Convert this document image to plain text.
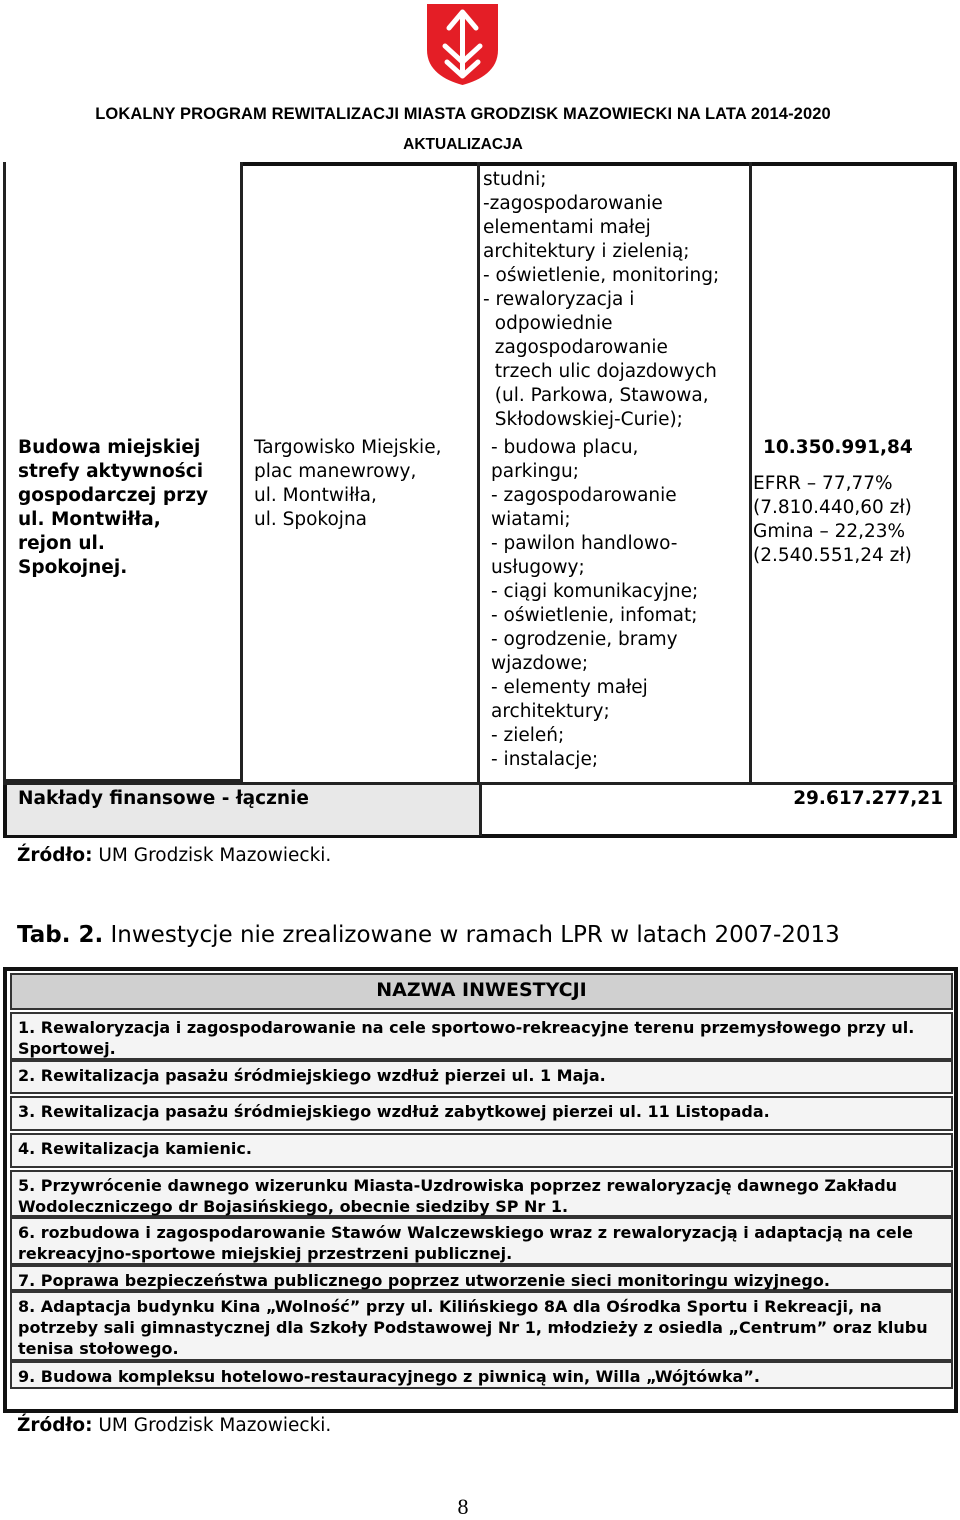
LOKALNY PROGRAM REWITALIZACJI MIASTA GRODZISK MAZOWIECKI NA LATA 2014-2020
AKTUALIZACJA
studni;
-zagospodarowanie
elementami małej
architektury i zielenią;
- oświetlenie, monitoring;
- rewaloryzacja i
odpowiednie
zagospodarowanie
trzech ulic dojazdowych
(ul. Parkowa, Stawowa,
Skłodowskiej-Curie);
Budowa miejskiej
strefy aktywności
gospodarczej przy
ul. Montwiłła,
rejon ul.
Spokojnej.
Targowisko Miejskie,
plac manewrowy,
ul. Montwiłła,
ul. Spokojna
- budowa placu,
parkingu;
- zagospodarowanie
wiatami;
- pawilon handlowo-
usługowy;
- ciągi komunikacyjne;
- oświetlenie, infomat;
- ogrodzenie, bramy
wjazdowe;
- elementy małej
architektury;
- zieleń;
- instalacje;
10.350.991,84
EFRR – 77,77%
(7.810.440,60 zł)
Gmina – 22,23%
(2.540.551,24 zł)
Nakłady finansowe - łącznie	29.617.277,21
Źródło: UM Grodzisk Mazowiecki.
Tab. 2. Inwestycje nie zrealizowane w ramach LPR w latach 2007-2013
NAZWA INWESTYCJI
1. Rewaloryzacja i zagospodarowanie na cele sportowo-rekreacyjne terenu przemysłowego przy ul. Sportowej.
2. Rewitalizacja pasażu śródmiejskiego wzdłuż pierzei ul. 1 Maja.
3. Rewitalizacja pasażu śródmiejskiego wzdłuż zabytkowej pierzei ul. 11 Listopada.
4. Rewitalizacja kamienic.
5. Przywrócenie dawnego wizerunku Miasta-Uzdrowiska poprzez rewaloryzację dawnego Zakładu Wodoleczniczego dr Bojasińskiego, obecnie siedziby SP Nr 1.
6. rozbudowa i zagospodarowanie Stawów Walczewskiego wraz z rewaloryzacją i adaptacją na cele rekreacyjno-sportowe miejskiej przestrzeni publicznej.
7. Poprawa bezpieczeństwa publicznego poprzez utworzenie sieci monitoringu wizyjnego.
8. Adaptacja budynku Kina „Wolność” przy ul. Kilińskiego 8A dla Ośrodka Sportu i Rekreacji, na potrzeby sali gimnastycznej dla Szkoły Podstawowej Nr 1, młodzieży z osiedla „Centrum” oraz klubu tenisa stołowego.
9. Budowa kompleksu hotelowo-restauracyjnego z piwnicą win, Willa „Wójtówka”.
Źródło: UM Grodzisk Mazowiecki.
8
